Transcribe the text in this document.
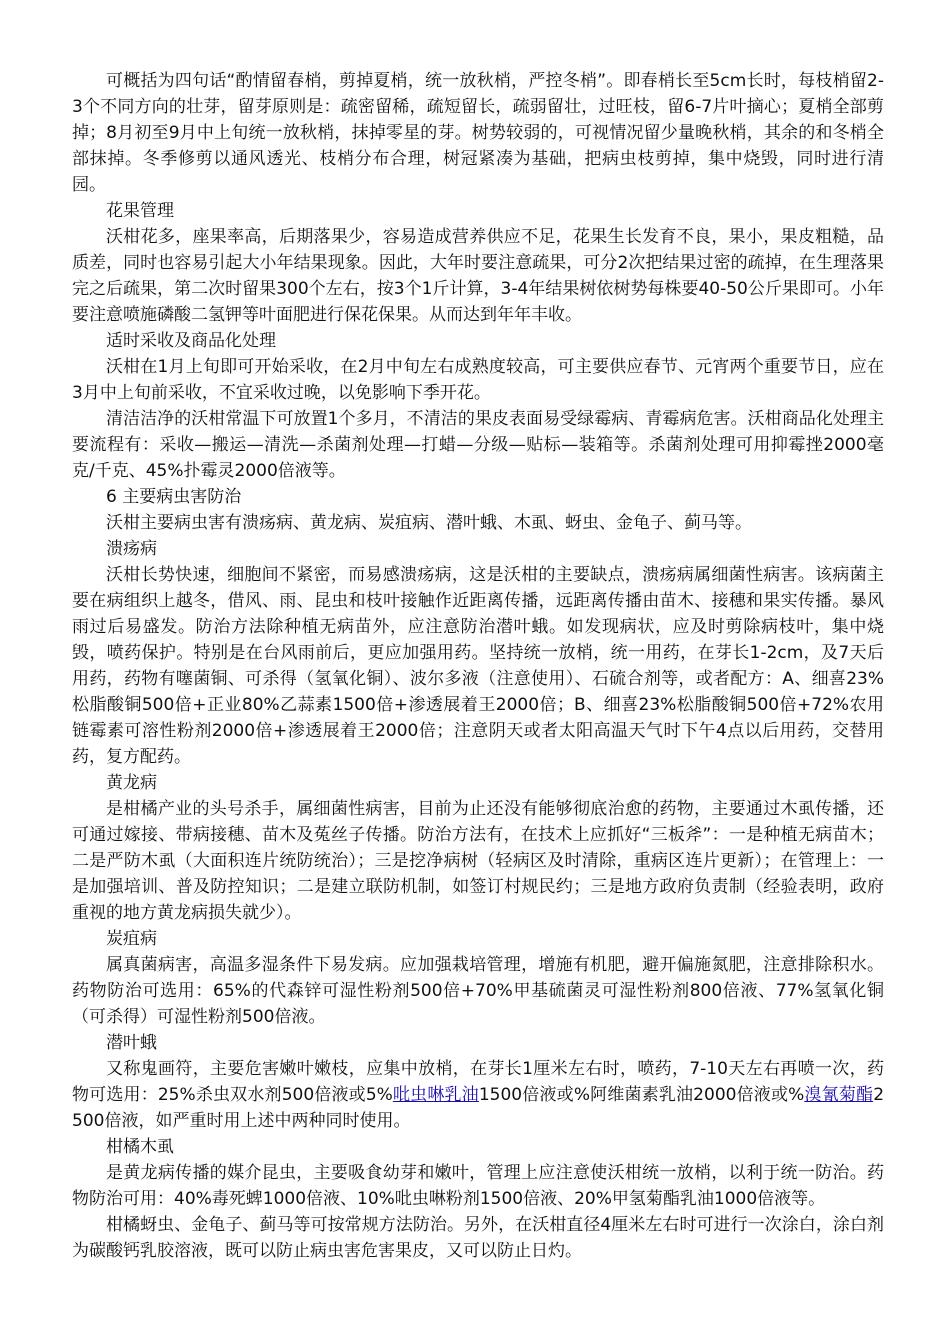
可概括为四句话“酌情留春梢，剪掉夏梢，统一放秋梢，严控冬梢”。即春梢长至5cm长时，每枝梢留2-3个不同方向的壮芽，留芽原则是：疏密留稀，疏短留长，疏弱留壮，过旺枝，留6-7片叶摘心；夏梢全部剪掉；8月初至9月中上旬统一放秋梢，抹掉零星的芽。树势较弱的，可视情况留少量晚秋梢，其余的和冬梢全部抹掉。冬季修剪以通风透光、枝梢分布合理，树冠紧凑为基础，把病虫枝剪掉，集中烧毁，同时进行清园。

花果管理

沃柑花多，座果率高，后期落果少，容易造成营养供应不足，花果生长发育不良，果小，果皮粗糙，品质差，同时也容易引起大小年结果现象。因此，大年时要注意疏果，可分2次把结果过密的疏掉，在生理落果完之后疏果，第二次时留果300个左右，按3个1斤计算，3-4年结果树依树势每株要40-50公斤果即可。小年要注意喷施磷酸二氢钾等叶面肥进行保花保果。从而达到年年丰收。

适时采收及商品化处理

沃柑在1月上旬即可开始采收，在2月中旬左右成熟度较高，可主要供应春节、元宵两个重要节日，应在3月中上旬前采收，不宜采收过晚，以免影响下季开花。

清洁洁净的沃柑常温下可放置1个多月，不清洁的果皮表面易受绿霉病、青霉病危害。沃柑商品化处理主要流程有：采收—搬运—清洗—杀菌剂处理—打蜡—分级—贴标—装箱等。杀菌剂处理可用抑霉挫2000毫克/千克、45%扑霉灵2000倍液等。

6 主要病虫害防治

沃柑主要病虫害有溃疡病、黄龙病、炭疽病、潜叶蛾、木虱、蚜虫、金龟子、蓟马等。

溃疡病

沃柑长势快速，细胞间不紧密，而易感溃疡病，这是沃柑的主要缺点，溃疡病属细菌性病害。该病菌主要在病组织上越冬，借风、雨、昆虫和枝叶接触作近距离传播，远距离传播由苗木、接穗和果实传播。暴风雨过后易盛发。防治方法除种植无病苗外，应注意防治潜叶蛾。如发现病状，应及时剪除病枝叶，集中烧毁，喷药保护。特别是在台风雨前后，更应加强用药。坚持统一放梢，统一用药，在芽长1-2cm，及7天后用药，药物有噻菌铜、可杀得（氢氧化铜）、波尔多液（注意使用）、石硫合剂等，或者配方：A、细喜23%松脂酸铜500倍+正业80%乙蒜素1500倍+渗透展着王2000倍；B、细喜23%松脂酸铜500倍+72%农用链霉素可溶性粉剂2000倍+渗透展着王2000倍；注意阴天或者太阳高温天气时下午4点以后用药，交替用药，复方配药。

黄龙病

是柑橘产业的头号杀手，属细菌性病害，目前为止还没有能够彻底治愈的药物，主要通过木虱传播，还可通过嫁接、带病接穗、苗木及菟丝子传播。防治方法有，在技术上应抓好“三板斧”：一是种植无病苗木；二是严防木虱（大面积连片统防统治）；三是挖净病树（轻病区及时清除，重病区连片更新）；在管理上：一是加强培训、普及防控知识；二是建立联防机制，如签订村规民约；三是地方政府负责制（经验表明，政府重视的地方黄龙病损失就少）。

炭疽病

属真菌病害，高温多湿条件下易发病。应加强栽培管理，增施有机肥，避开偏施氮肥，注意排除积水。药物防治可选用：65%的代森锌可湿性粉剂500倍+70%甲基硫菌灵可湿性粉剂800倍液、77%氢氧化铜（可杀得）可湿性粉剂500倍液。

潜叶蛾

又称鬼画符，主要危害嫩叶嫩枝，应集中放梢，在芽长1厘米左右时，喷药，7-10天左右再喷一次，药物可选用：25%杀虫双水剂500倍液或5%吡虫啉乳油1500倍液或%阿维菌素乳油2000倍液或%溴氰菊酯2500倍液，如严重时用上述中两种同时使用。

柑橘木虱

是黄龙病传播的媒介昆虫，主要吸食幼芽和嫩叶，管理上应注意使沃柑统一放梢，以利于统一防治。药物防治可用：40%毒死蜱1000倍液、10%吡虫啉粉剂1500倍液、20%甲氢菊酯乳油1000倍液等。

柑橘蚜虫、金龟子、蓟马等可按常规方法防治。另外，在沃柑直径4厘米左右时可进行一次涂白，涂白剂为碳酸钙乳胶溶液，既可以防止病虫害危害果皮，又可以防止日灼。
